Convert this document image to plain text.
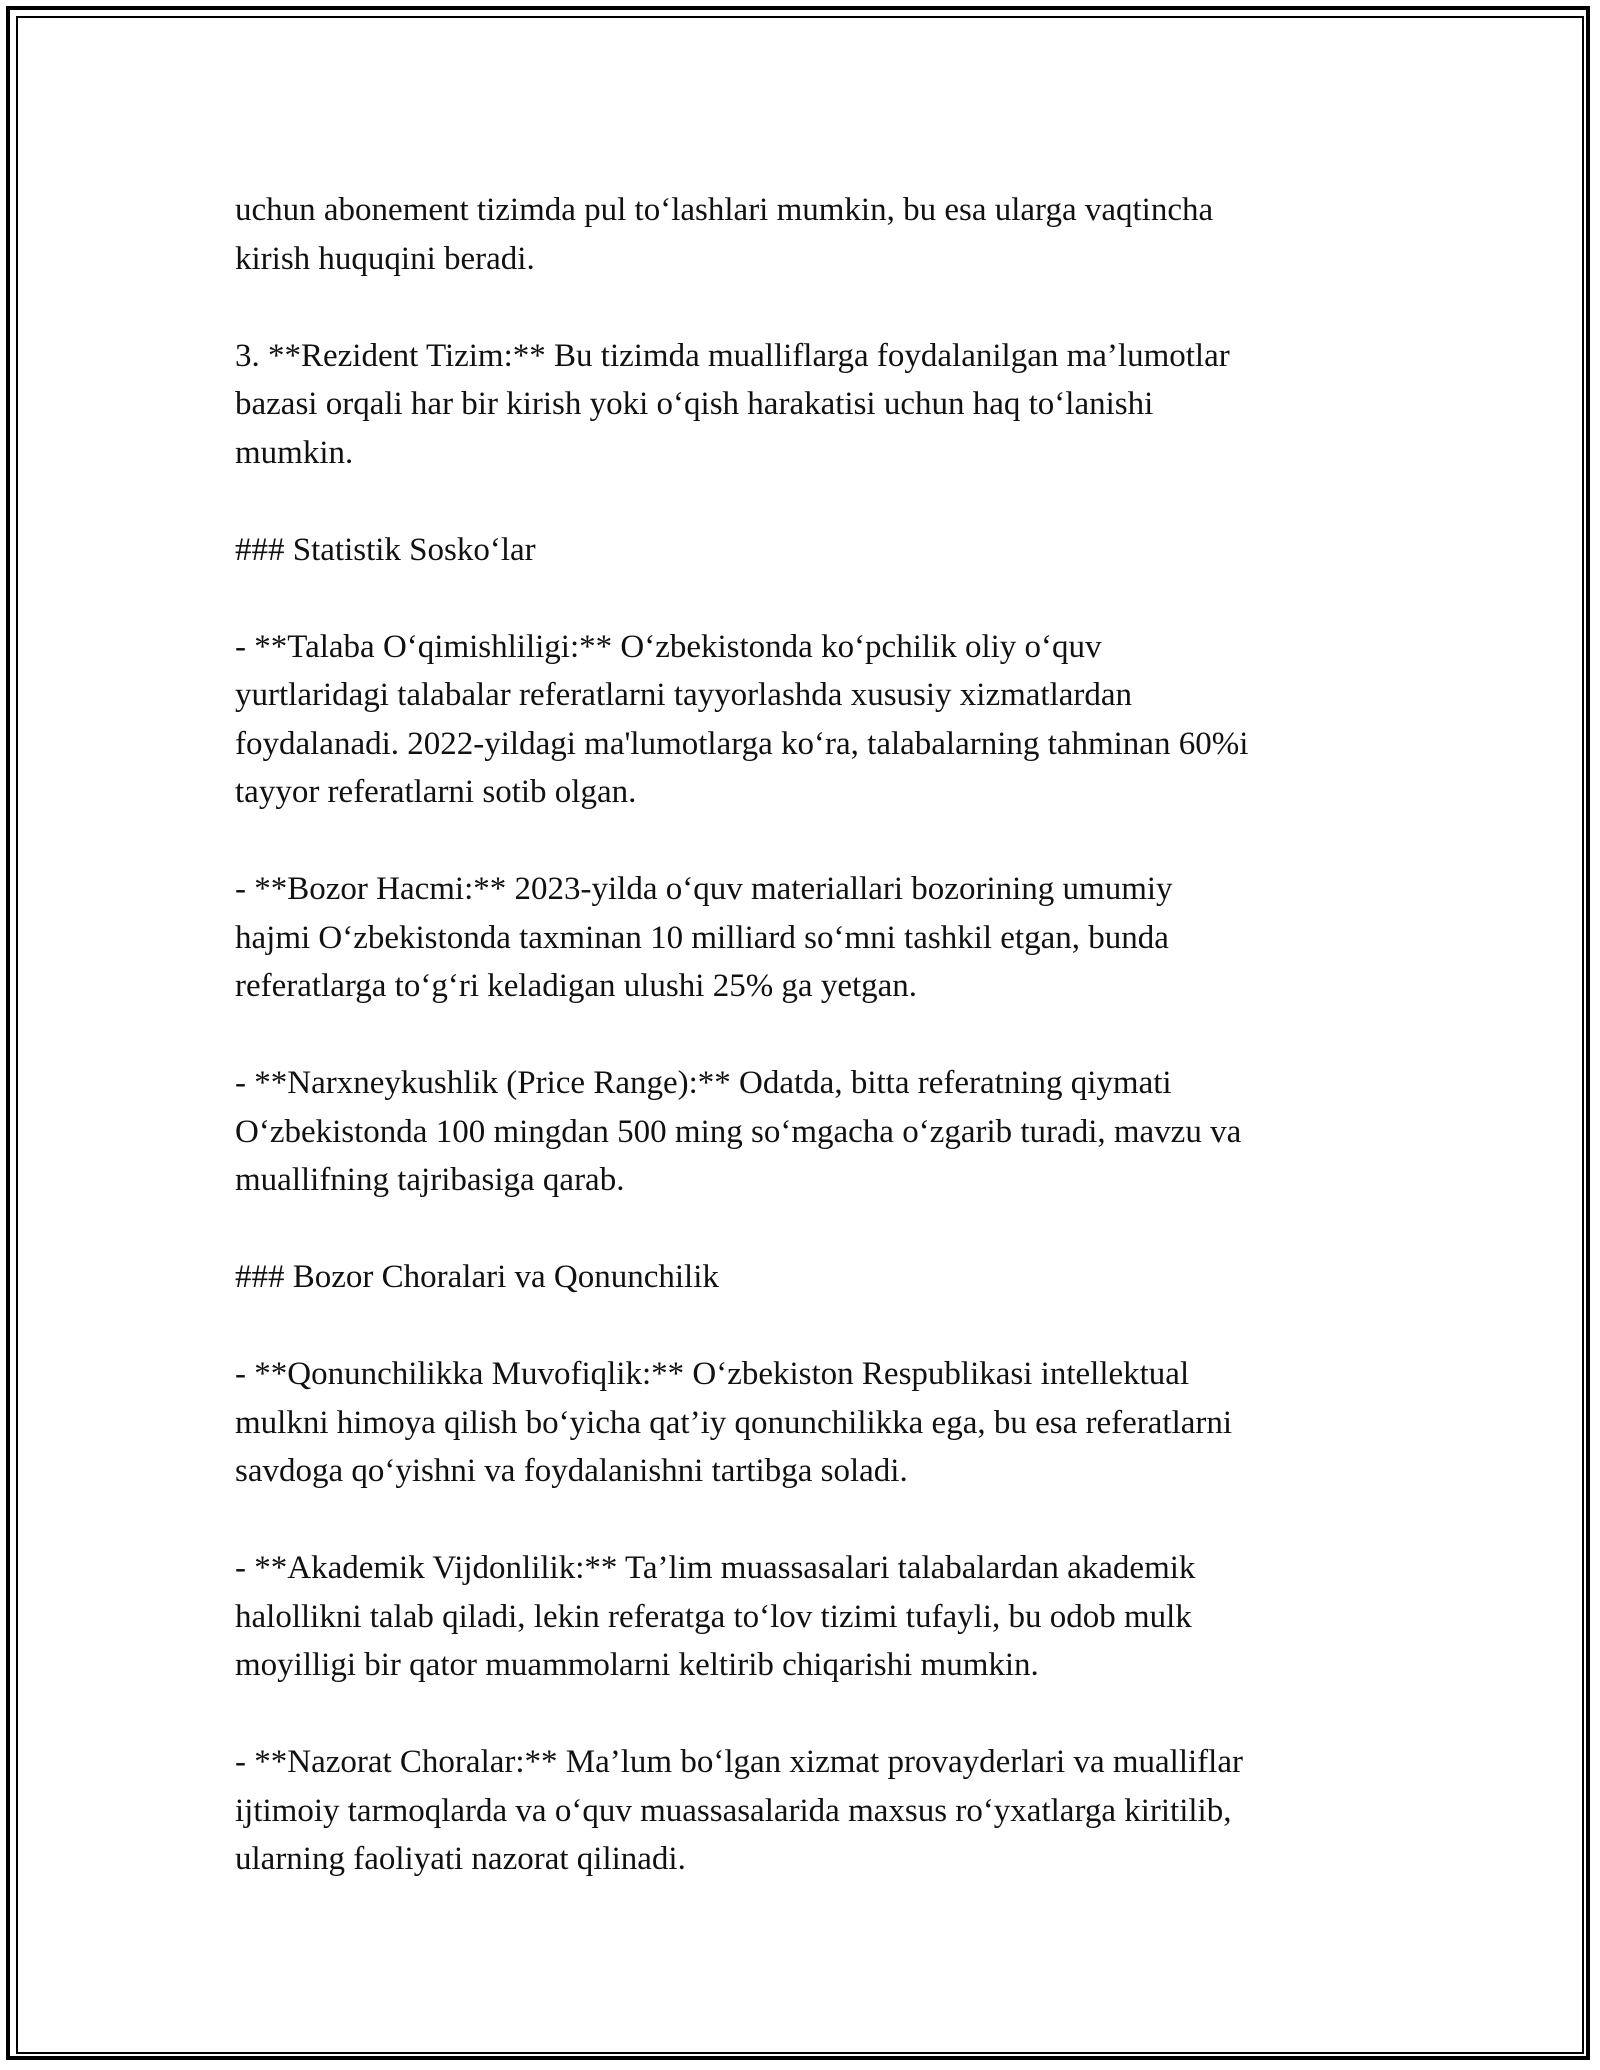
uchun abonement tizimda pul to‘lashlari mumkin, bu esa ularga vaqtincha
kirish huquqini beradi.
3. **Rezident Tizim:** Bu tizimda mualliflarga foydalanilgan ma’lumotlar
bazasi orqali har bir kirish yoki o‘qish harakatisi uchun haq to‘lanishi
mumkin.
### Statistik Sosko‘lar
- **Talaba O‘qimishliligi:** O‘zbekistonda ko‘pchilik oliy o‘quv
yurtlaridagi talabalar referatlarni tayyorlashda xususiy xizmatlardan
foydalanadi. 2022-yildagi ma'lumotlarga ko‘ra, talabalarning tahminan 60%i
tayyor referatlarni sotib olgan.
- **Bozor Hacmi:** 2023-yilda o‘quv materiallari bozorining umumiy
hajmi O‘zbekistonda taxminan 10 milliard so‘mni tashkil etgan, bunda
referatlarga to‘g‘ri keladigan ulushi 25% ga yetgan.
- **Narxneykushlik (Price Range):** Odatda, bitta referatning qiymati
O‘zbekistonda 100 mingdan 500 ming so‘mgacha o‘zgarib turadi, mavzu va
muallifning tajribasiga qarab.
### Bozor Choralari va Qonunchilik
- **Qonunchilikka Muvofiqlik:** O‘zbekiston Respublikasi intellektual
mulkni himoya qilish bo‘yicha qat’iy qonunchilikka ega, bu esa referatlarni
savdoga qo‘yishni va foydalanishni tartibga soladi.
- **Akademik Vijdonlilik:** Ta’lim muassasalari talabalardan akademik
halollikni talab qiladi, lekin referatga to‘lov tizimi tufayli, bu odob mulk
moyilligi bir qator muammolarni keltirib chiqarishi mumkin.
- **Nazorat Choralar:** Ma’lum bo‘lgan xizmat provayderlari va mualliflar
ijtimoiy tarmoqlarda va o‘quv muassasalarida maxsus ro‘yxatlarga kiritilib,
ularning faoliyati nazorat qilinadi.
